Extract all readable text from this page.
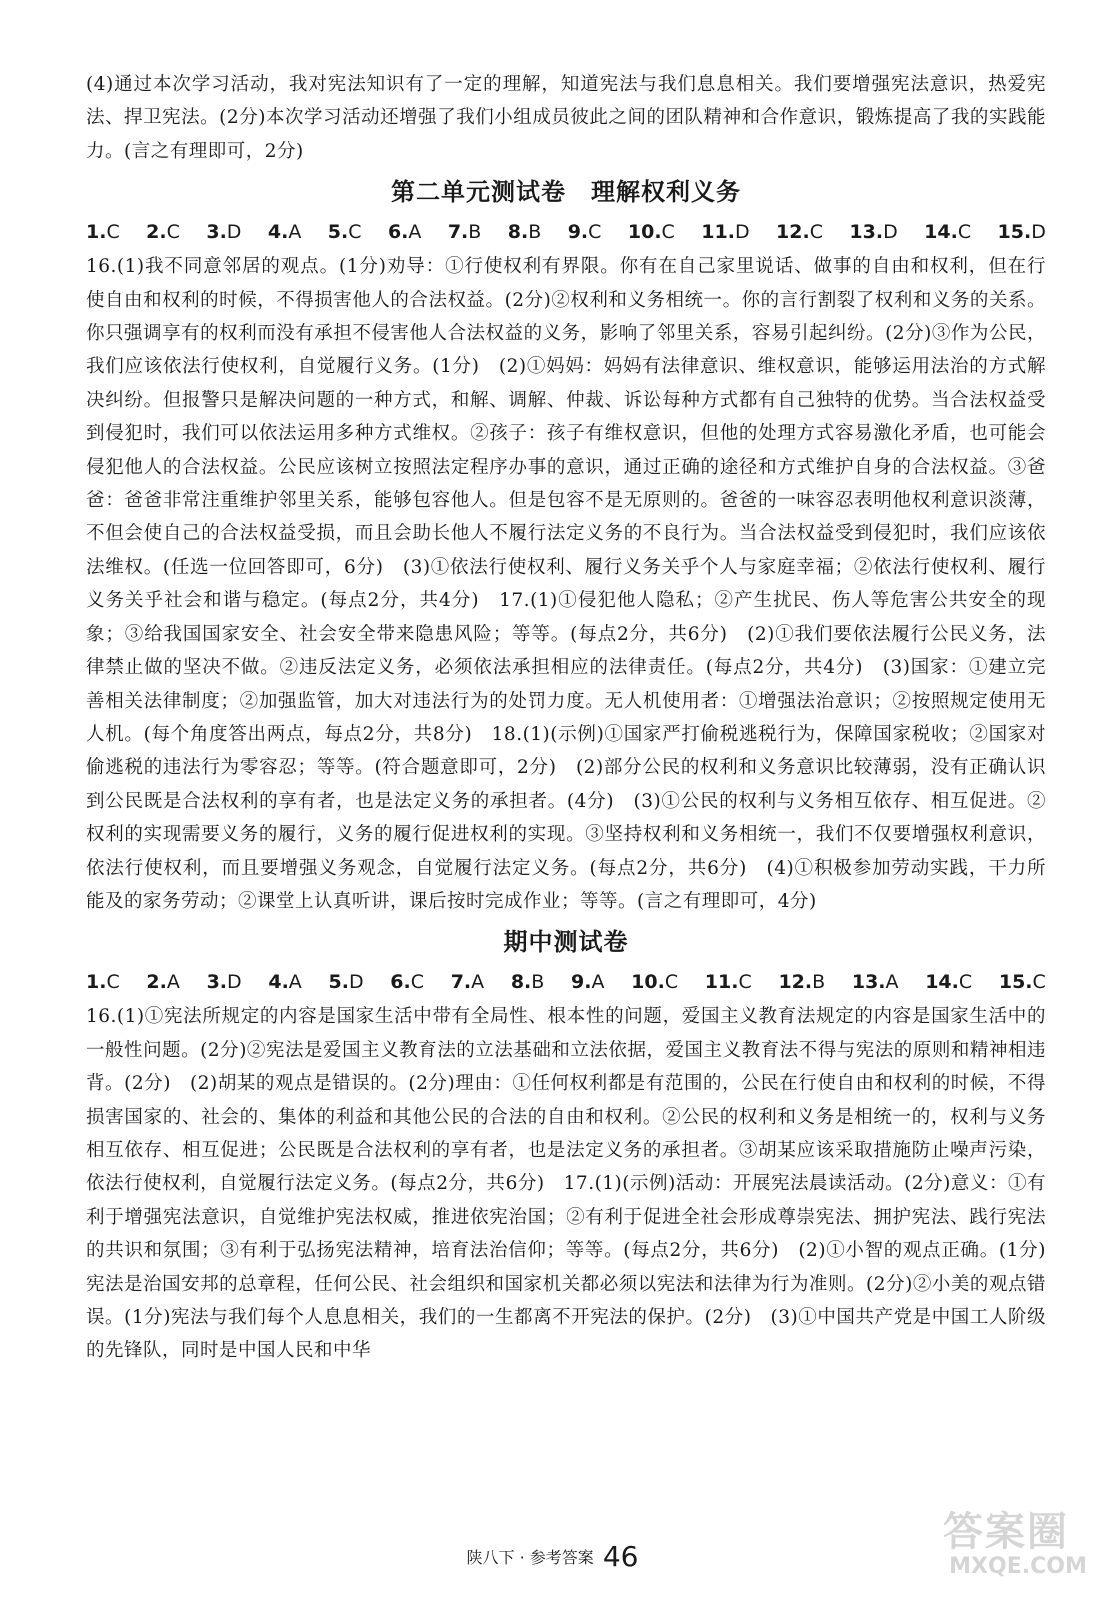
(4)通过本次学习活动，我对宪法知识有了一定的理解，知道宪法与我们息息相关。我们要增强宪法意识，热爱宪法、捍卫宪法。(2分)本次学习活动还增强了我们小组成员彼此之间的团队精神和合作意识，锻炼提高了我的实践能力。(言之有理即可，2分)

第二单元测试卷　理解权利义务
1.C 2.C 3.D 4.A 5.C 6.A 7.B 8.B 9.C 10.C 11.D 12.C 13.D 14.C 15.D

16.(1)我不同意邻居的观点。(1分)劝导：①行使权利有界限。你有在自己家里说话、做事的自由和权利，但在行使自由和权利的时候，不得损害他人的合法权益。(2分)②权利和义务相统一。你的言行割裂了权利和义务的关系。你只强调享有的权利而没有承担不侵害他人合法权益的义务，影响了邻里关系，容易引起纠纷。(2分)③作为公民，我们应该依法行使权利，自觉履行义务。(1分)　(2)①妈妈：妈妈有法律意识、维权意识，能够运用法治的方式解决纠纷。但报警只是解决问题的一种方式，和解、调解、仲裁、诉讼每种方式都有自己独特的优势。当合法权益受到侵犯时，我们可以依法运用多种方式维权。②孩子：孩子有维权意识，但他的处理方式容易激化矛盾，也可能会侵犯他人的合法权益。公民应该树立按照法定程序办事的意识，通过正确的途径和方式维护自身的合法权益。③爸爸：爸爸非常注重维护邻里关系，能够包容他人。但是包容不是无原则的。爸爸的一味容忍表明他权利意识淡薄，不但会使自己的合法权益受损，而且会助长他人不履行法定义务的不良行为。当合法权益受到侵犯时，我们应该依法维权。(任选一位回答即可，6分)　(3)①依法行使权利、履行义务关乎个人与家庭幸福；②依法行使权利、履行义务关乎社会和谐与稳定。(每点2分，共4分)　17.(1)①侵犯他人隐私；②产生扰民、伤人等危害公共安全的现象；③给我国国家安全、社会安全带来隐患风险；等等。(每点2分，共6分)　(2)①我们要依法履行公民义务，法律禁止做的坚决不做。②违反法定义务，必须依法承担相应的法律责任。(每点2分，共4分)　(3)国家：①建立完善相关法律制度；②加强监管，加大对违法行为的处罚力度。无人机使用者：①增强法治意识；②按照规定使用无人机。(每个角度答出两点，每点2分，共8分)　18.(1)(示例)①国家严打偷税逃税行为，保障国家税收；②国家对偷逃税的违法行为零容忍；等等。(符合题意即可，2分)　(2)部分公民的权利和义务意识比较薄弱，没有正确认识到公民既是合法权利的享有者，也是法定义务的承担者。(4分)　(3)①公民的权利与义务相互依存、相互促进。②权利的实现需要义务的履行，义务的履行促进权利的实现。③坚持权利和义务相统一，我们不仅要增强权利意识，依法行使权利，而且要增强义务观念，自觉履行法定义务。(每点2分，共6分)　(4)①积极参加劳动实践，干力所能及的家务劳动；②课堂上认真听讲，课后按时完成作业；等等。(言之有理即可，4分)

期中测试卷
1.C 2.A 3.D 4.A 5.D 6.C 7.A 8.B 9.A 10.C 11.C 12.B 13.A 14.C 15.C

16.(1)①宪法所规定的内容是国家生活中带有全局性、根本性的问题，爱国主义教育法规定的内容是国家生活中的一般性问题。(2分)②宪法是爱国主义教育法的立法基础和立法依据，爱国主义教育法不得与宪法的原则和精神相违背。(2分)　(2)胡某的观点是错误的。(2分)理由：①任何权利都是有范围的，公民在行使自由和权利的时候，不得损害国家的、社会的、集体的利益和其他公民的合法的自由和权利。②公民的权利和义务是相统一的，权利与义务相互依存、相互促进；公民既是合法权利的享有者，也是法定义务的承担者。③胡某应该采取措施防止噪声污染，依法行使权利，自觉履行法定义务。(每点2分，共6分)　17.(1)(示例)活动：开展宪法晨读活动。(2分)意义：①有利于增强宪法意识，自觉维护宪法权威，推进依宪治国；②有利于促进全社会形成尊崇宪法、拥护宪法、践行宪法的共识和氛围；③有利于弘扬宪法精神，培育法治信仰；等等。(每点2分，共6分)　(2)①小智的观点正确。(1分)宪法是治国安邦的总章程，任何公民、社会组织和国家机关都必须以宪法和法律为行为准则。(2分)②小美的观点错误。(1分)宪法与我们每个人息息相关，我们的一生都离不开宪法的保护。(2分)　(3)①中国共产党是中国工人阶级的先锋队，同时是中国人民和中华

陕八下 · 参考答案 46
答案圈
MXQE.COM
